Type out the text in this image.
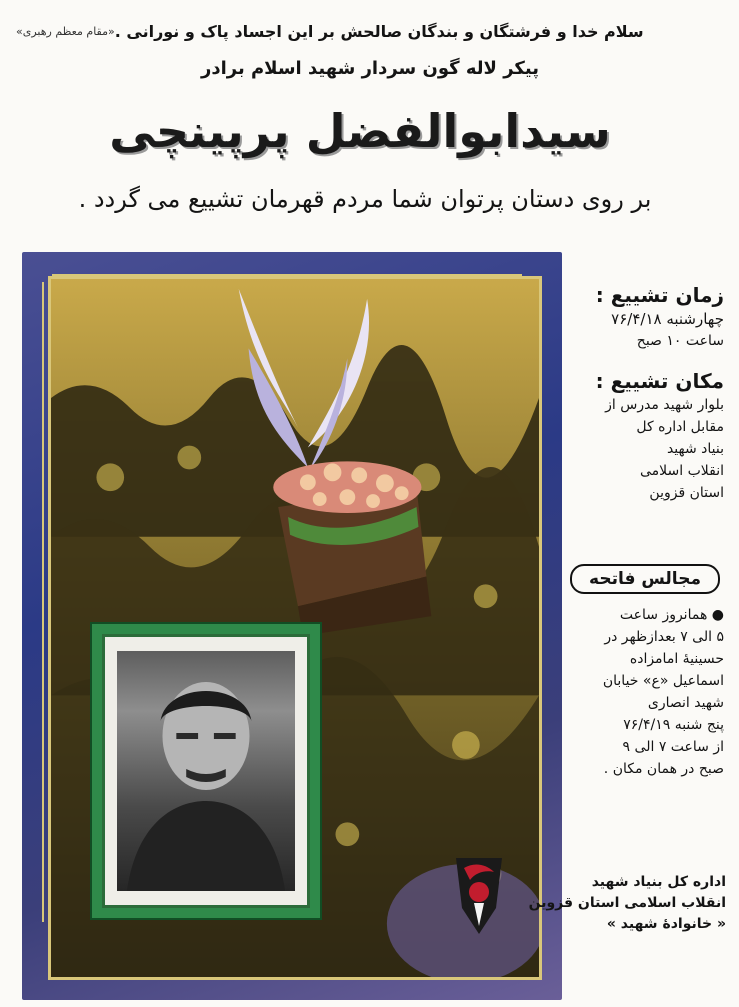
سلام خدا و فرشتگان و بندگان صالحش بر این اجساد پاک و نورانی .
«مقام معظم رهبری»
پیکر لاله گون سردار شهید اسلام برادر
سیدابوالفضل پرپینچی
بر روی دستان پرتوان شما مردم قهرمان تشییع می گردد .
زمان تشییع :
چهارشنبه ۷۶/۴/۱۸
ساعت ۱۰ صبح
مکان تشییع :
بلوار شهید مدرس از
مقابل اداره کل
بنیاد شهید
انقلاب اسلامی
استان قزوین
مجالس فاتحه
● همانروز ساعت
۵ الی ۷ بعدازظهر در
حسینیهٔ امامزاده
اسماعیل «ع» خیابان
شهید انصاری
پنج شنبه ۷۶/۴/۱۹
از ساعت ۷ الی ۹
صبح در همان مکان .
اداره کل بنیاد شهید
انقلاب اسلامی استان قزوین
« خانوادهٔ شهید »
